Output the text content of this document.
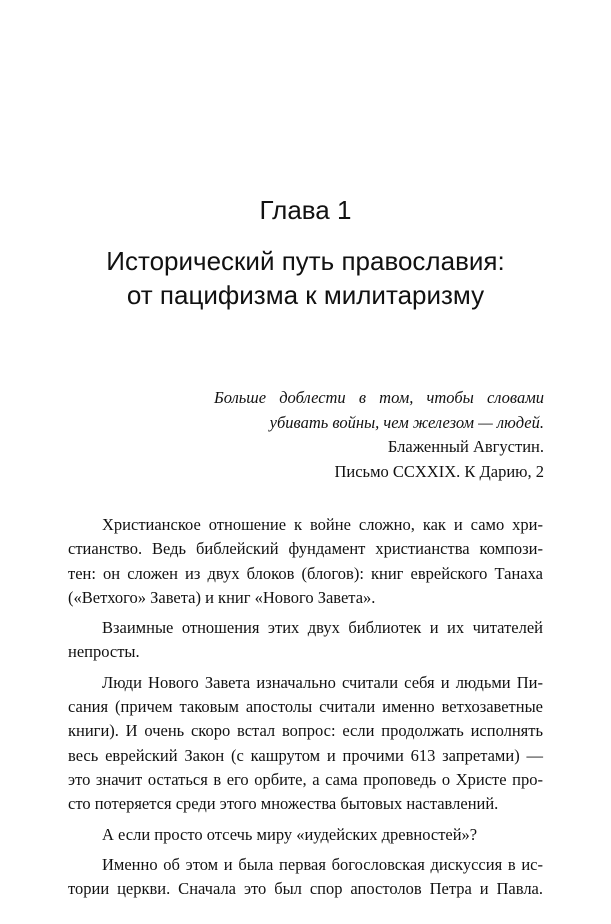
Глава 1
Исторический путь православия:
от пацифизма к милитаризму
Больше доблести в том, чтобы словами
убивать войны, чем железом — людей.
Блаженный Августин.
Письмо CCXXIX. К Дарию, 2

Христианское отношение к войне сложно, как и само хри-
стианство. Ведь библейский фундамент христианства компози-
тен: он сложен из двух блоков (блогов): книг еврейского Танаха
(«Ветхого» Завета) и книг «Нового Завета».

Взаимные отношения этих двух библиотек и их читателей
непросты.

Люди Нового Завета изначально считали себя и людьми Пи-
сания (причем таковым апостолы считали именно ветхозаветные
книги). И очень скоро встал вопрос: если продолжать исполнять
весь еврейский Закон (с кашрутом и прочими 613 запретами) —
это значит остаться в его орбите, а сама проповедь о Христе про-
сто потеряется среди этого множества бытовых наставлений.

А если просто отсечь миру «иудейских древностей»?

Именно об этом и была первая богословская дискуссия в ис-
тории церкви. Сначала это был спор апостолов Петра и Павла.
